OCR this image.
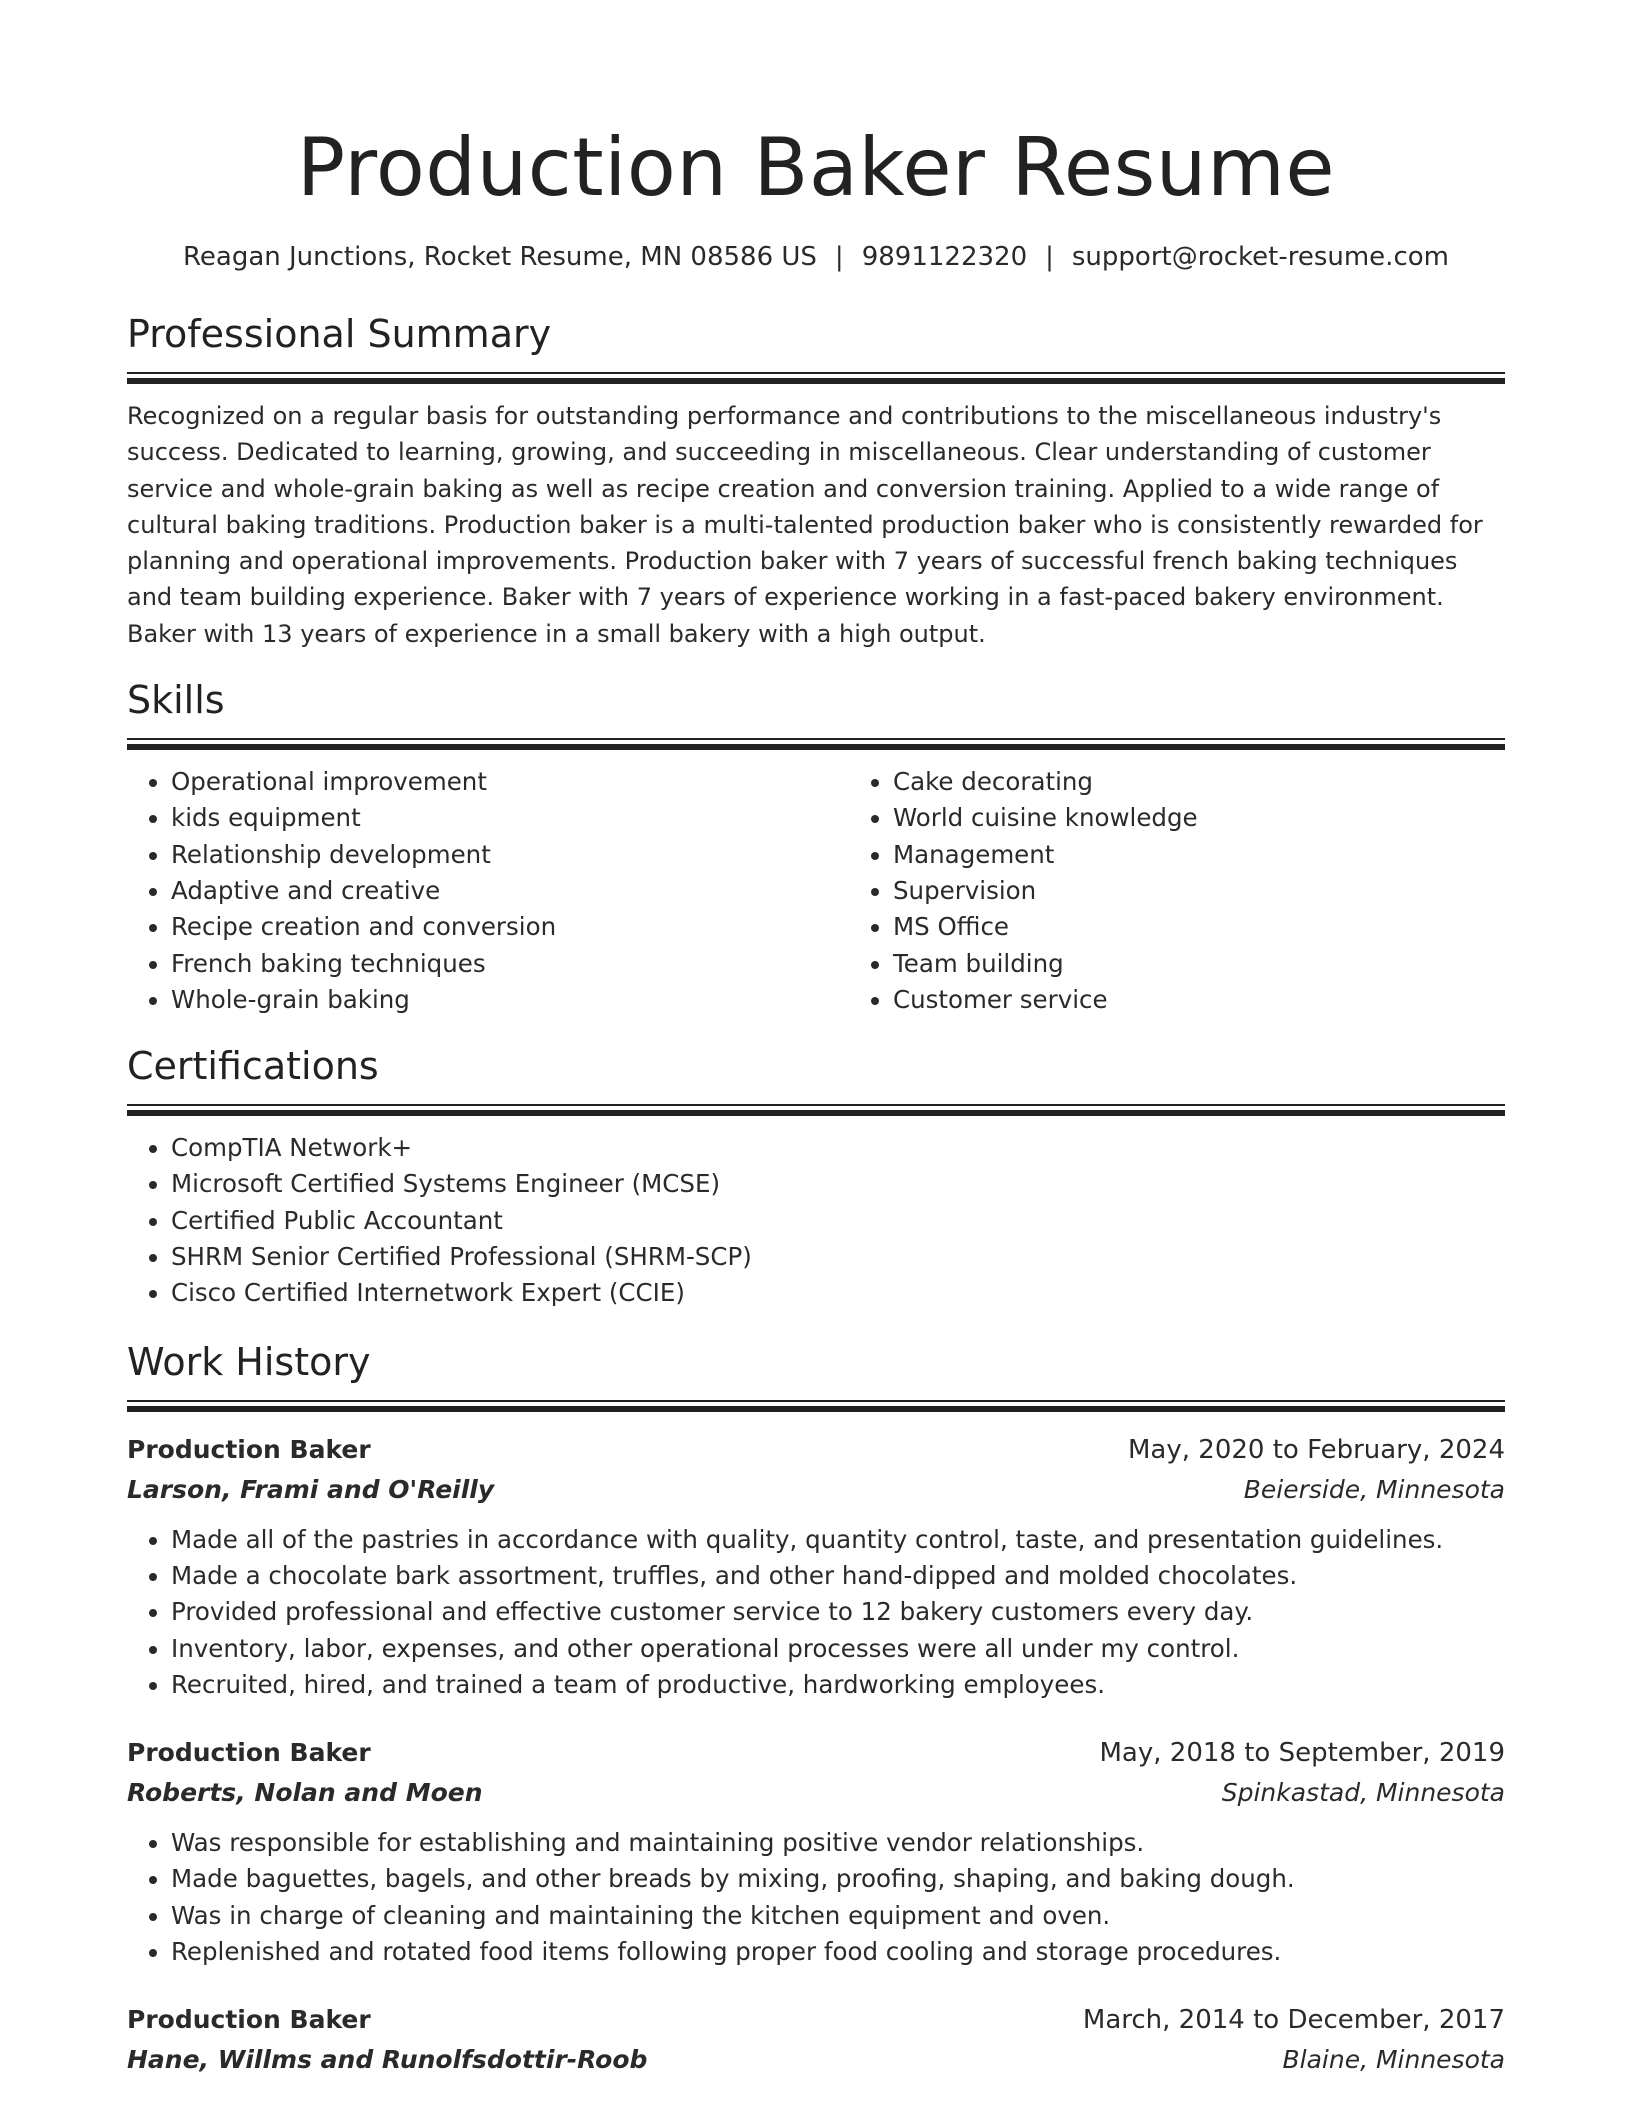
Production Baker Resume
Reagan Junctions, Rocket Resume, MN 08586 US | 9891122320 | support@rocket-resume.com
Professional Summary
Recognized on a regular basis for outstanding performance and contributions to the miscellaneous industry's success. Dedicated to learning, growing, and succeeding in miscellaneous. Clear understanding of customer service and whole-grain baking as well as recipe creation and conversion training. Applied to a wide range of cultural baking traditions. Production baker is a multi-talented production baker who is consistently rewarded for planning and operational improvements. Production baker with 7 years of successful french baking techniques and team building experience. Baker with 7 years of experience working in a fast-paced bakery environment. Baker with 13 years of experience in a small bakery with a high output.
Skills
• Operational improvement
• kids equipment
• Relationship development
• Adaptive and creative
• Recipe creation and conversion
• French baking techniques
• Whole-grain baking
• Cake decorating
• World cuisine knowledge
• Management
• Supervision
• MS Office
• Team building
• Customer service
Certifications
• CompTIA Network+
• Microsoft Certified Systems Engineer (MCSE)
• Certified Public Accountant
• SHRM Senior Certified Professional (SHRM-SCP)
• Cisco Certified Internetwork Expert (CCIE)
Work History
Production Baker	May, 2020 to February, 2024
Larson, Frami and O'Reilly	Beierside, Minnesota
• Made all of the pastries in accordance with quality, quantity control, taste, and presentation guidelines.
• Made a chocolate bark assortment, truffles, and other hand-dipped and molded chocolates.
• Provided professional and effective customer service to 12 bakery customers every day.
• Inventory, labor, expenses, and other operational processes were all under my control.
• Recruited, hired, and trained a team of productive, hardworking employees.
Production Baker	May, 2018 to September, 2019
Roberts, Nolan and Moen	Spinkastad, Minnesota
• Was responsible for establishing and maintaining positive vendor relationships.
• Made baguettes, bagels, and other breads by mixing, proofing, shaping, and baking dough.
• Was in charge of cleaning and maintaining the kitchen equipment and oven.
• Replenished and rotated food items following proper food cooling and storage procedures.
Production Baker	March, 2014 to December, 2017
Hane, Willms and Runolfsdottir-Roob	Blaine, Minnesota
